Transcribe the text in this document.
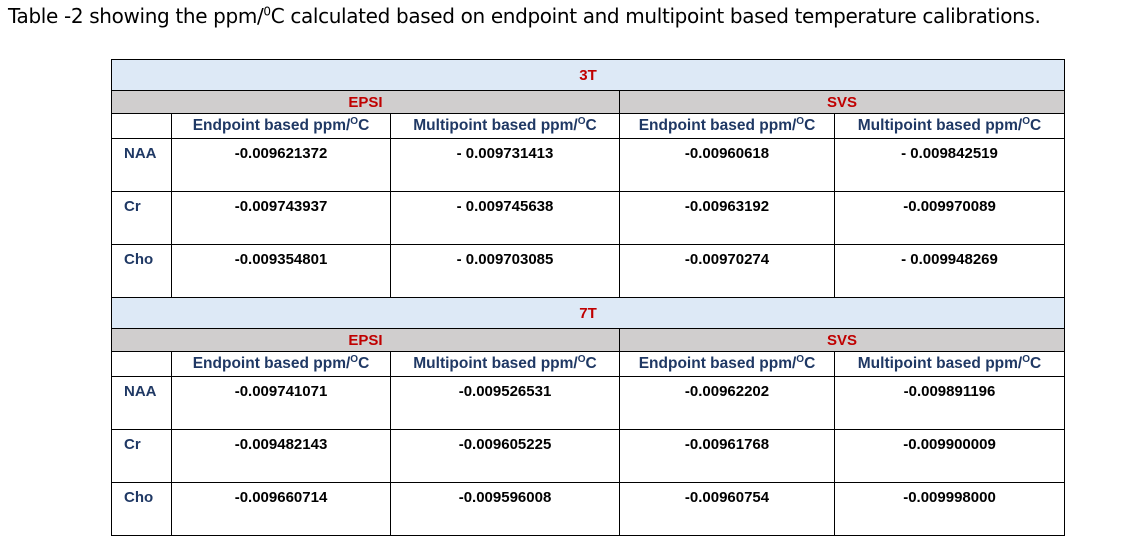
Table -2 showing the ppm/$^0$C calculated based on endpoint and multipoint based temperature calibrations.
3T				
EPSI			SVS	
	Endpoint based ppm/$^O$C	Multipoint based ppm/$^O$C	Endpoint based ppm/$^O$C	Multipoint based ppm/$^O$C
NAA	-0.009621372	- 0.009731413	-0.00960618	- 0.009842519
Cr	-0.009743937	- 0.009745638	-0.00963192	-0.009970089
Cho	-0.009354801	- 0.009703085	-0.00970274	- 0.009948269
7T				
EPSI			SVS	
	Endpoint based ppm/$^O$C	Multipoint based ppm/$^O$C	Endpoint based ppm/$^O$C	Multipoint based ppm/$^O$C
NAA	-0.009741071	-0.009526531	-0.00962202	-0.009891196
Cr	-0.009482143	-0.009605225	-0.00961768	-0.009900009
Cho	-0.009660714	-0.009596008	-0.00960754	-0.009998000
